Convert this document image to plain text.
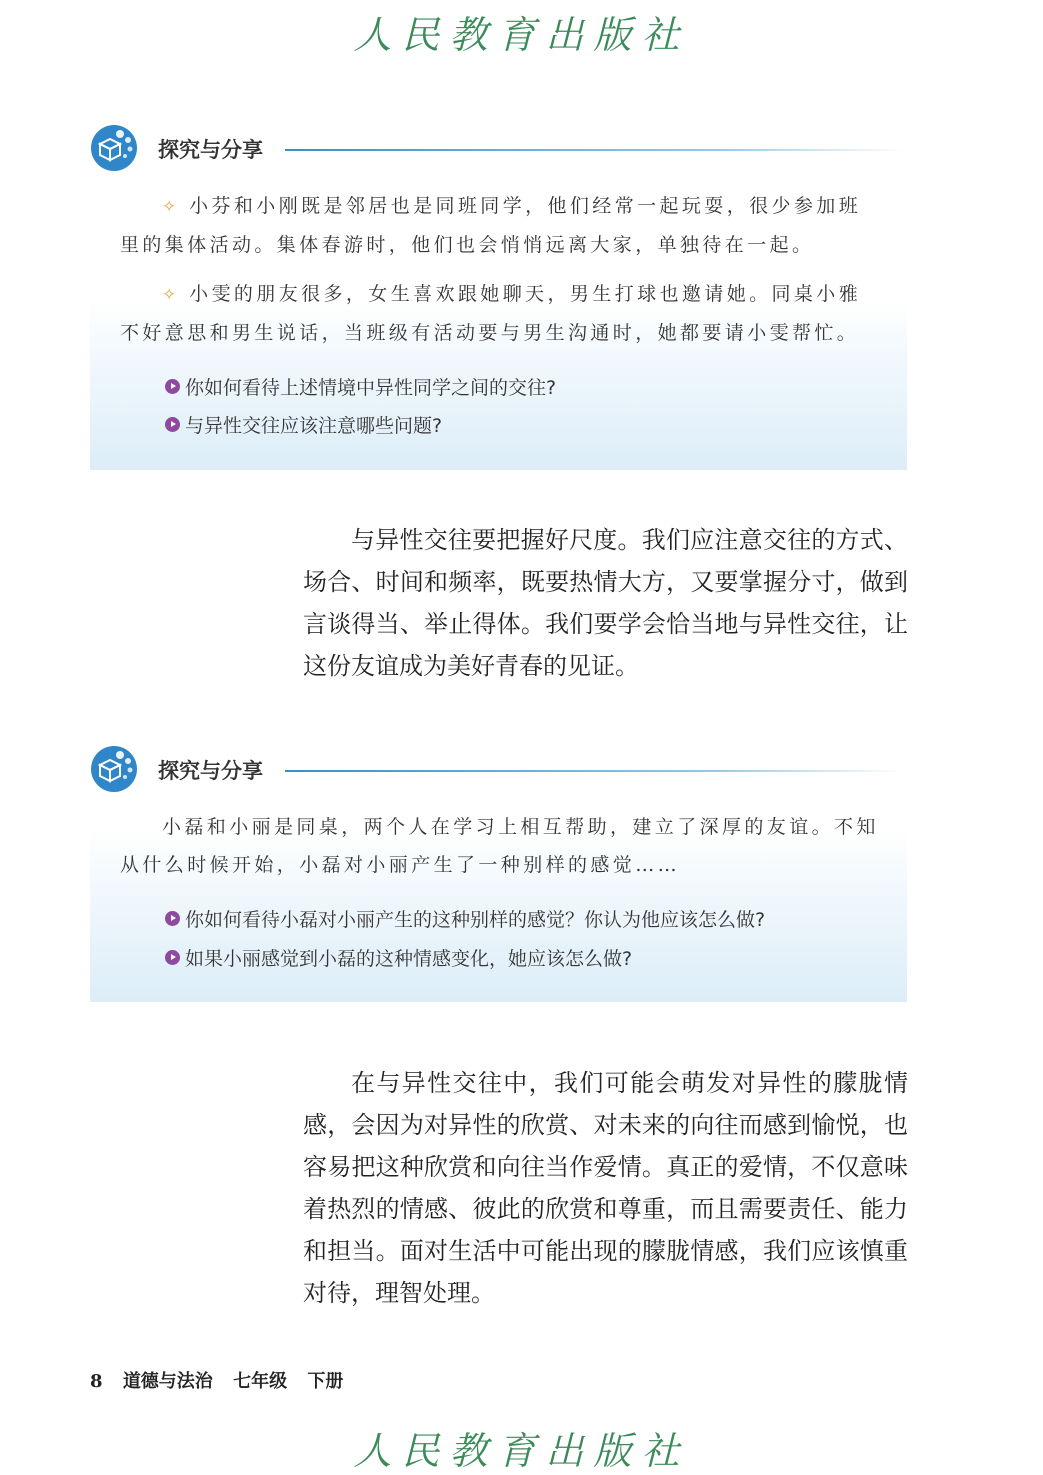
人民教育出版社
探究与分享

✧ 小芬和小刚既是邻居也是同班同学，他们经常一起玩耍，很少参加班里的集体活动。集体春游时，他们也会悄悄远离大家，单独待在一起。

✧ 小雯的朋友很多，女生喜欢跟她聊天，男生打球也邀请她。同桌小雅不好意思和男生说话，当班级有活动要与男生沟通时，她都要请小雯帮忙。

你如何看待上述情境中异性同学之间的交往?
与异性交往应该注意哪些问题?

与异性交往要把握好尺度。我们应注意交往的方式、场合、时间和频率，既要热情大方，又要掌握分寸，做到言谈得当、举止得体。我们要学会恰当地与异性交往，让这份友谊成为美好青春的见证。

探究与分享

小磊和小丽是同桌，两个人在学习上相互帮助，建立了深厚的友谊。不知从什么时候开始，小磊对小丽产生了一种别样的感觉……

你如何看待小磊对小丽产生的这种别样的感觉？你认为他应该怎么做?
如果小丽感觉到小磊的这种情感变化，她应该怎么做?

在与异性交往中，我们可能会萌发对异性的朦胧情感，会因为对异性的欣赏、对未来的向往而感到愉悦，也容易把这种欣赏和向往当作爱情。真正的爱情，不仅意味着热烈的情感、彼此的欣赏和尊重，而且需要责任、能力和担当。面对生活中可能出现的朦胧情感，我们应该慎重对待，理智处理。

8 道德与法治 七年级 下册
人民教育出版社
